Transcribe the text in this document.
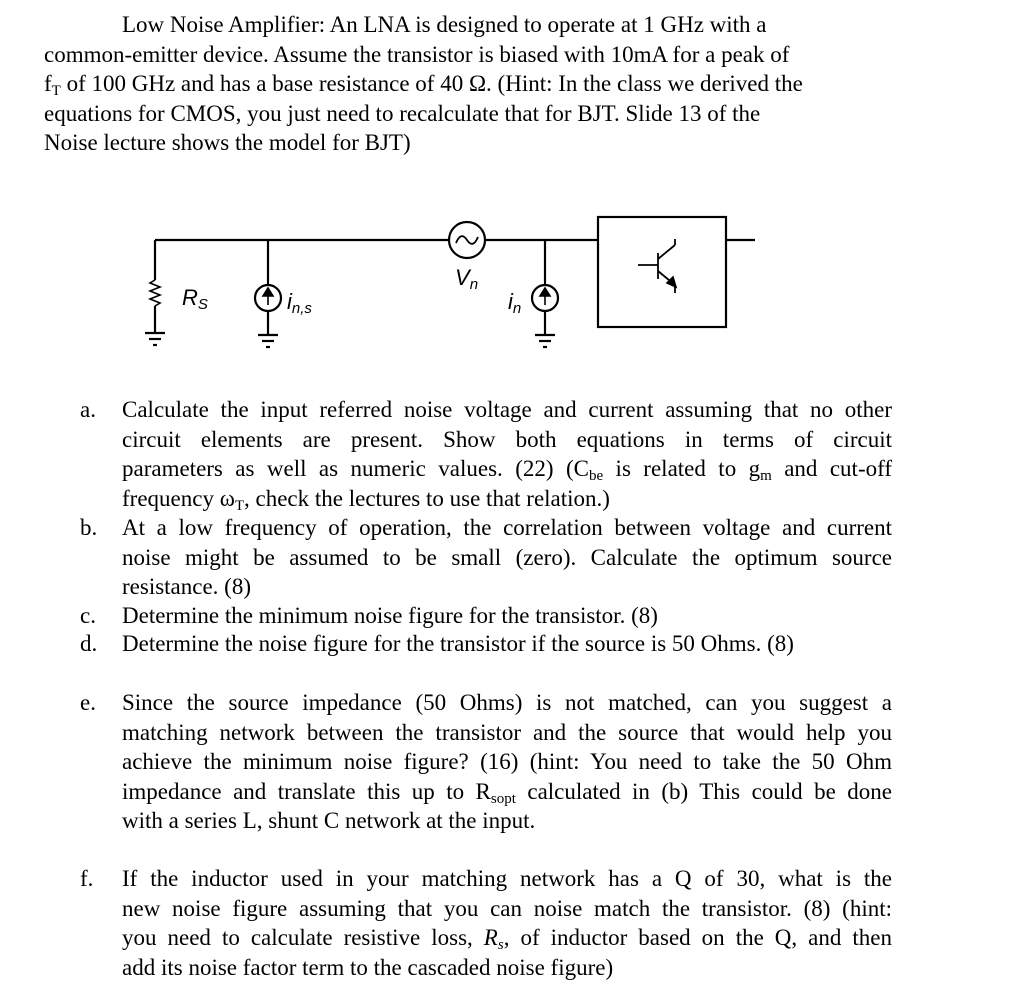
Low Noise Amplifier: An LNA is designed to operate at 1 GHz with a
common-emitter device. Assume the transistor is biased with 10mA for a peak of
$f_T$ of 100 GHz and has a base resistance of 40 Ω. (Hint: In the class we derived the
equations for CMOS, you just need to recalculate that for BJT. Slide 13 of the
Noise lecture shows the model for BJT)
RS	in,s
Vn
in
a.	Calculate the input referred noise voltage and current assuming that no other
circuit elements are present. Show both equations in terms of circuit
parameters as well as numeric values. (22) ($C_{be}$ is related to $g_m$ and cut-off
frequency $\omega_T$, check the lectures to use that relation.)
b.	At a low frequency of operation, the correlation between voltage and current
noise might be assumed to be small (zero). Calculate the optimum source
resistance. (8)
c.	Determine the minimum noise figure for the transistor. (8)
d.	Determine the noise figure for the transistor if the source is 50 Ohms. (8)
e.	Since the source impedance (50 Ohms) is not matched, can you suggest a
matching network between the transistor and the source that would help you
achieve the minimum noise figure? (16) (hint: You need to take the 50 Ohm
impedance and translate this up to $R_{sopt}$ calculated in (b) This could be done
with a series L, shunt C network at the input.
f.	If the inductor used in your matching network has a Q of 30, what is the
new noise figure assuming that you can noise match the transistor. (8) (hint:
you need to calculate resistive loss, $R_s$, of inductor based on the Q, and then
add its noise factor term to the cascaded noise figure)
